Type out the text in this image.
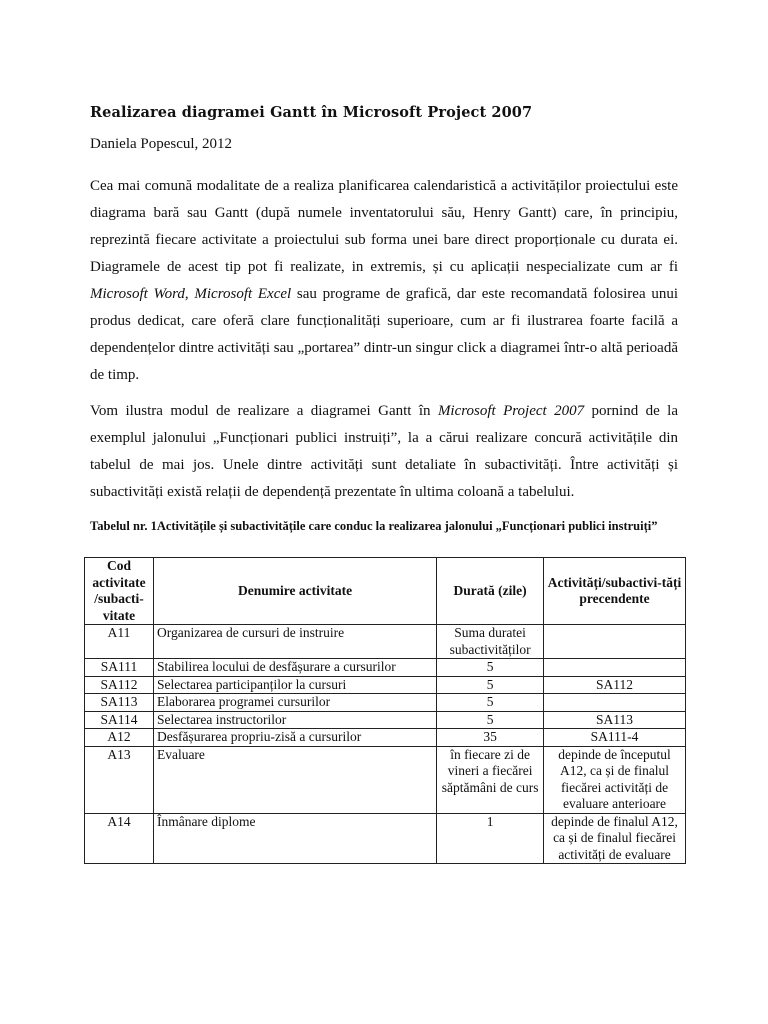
Realizarea diagramei Gantt în Microsoft Project 2007
Daniela Popescul, 2012
Cea mai comună modalitate de a realiza planificarea calendaristică a activităților proiectului este diagrama bară sau Gantt (după numele inventatorului său, Henry Gantt) care, în principiu, reprezintă fiecare activitate a proiectului sub forma unei bare direct proporționale cu durata ei. Diagramele de acest tip pot fi realizate, in extremis, și cu aplicații nespecializate cum ar fi Microsoft Word, Microsoft Excel sau programe de grafică, dar este recomandată folosirea unui produs dedicat, care oferă clare funcționalități superioare, cum ar fi ilustrarea foarte facilă a dependențelor dintre activități sau „portarea” dintr-un singur click a diagramei într-o altă perioadă de timp.
Vom ilustra modul de realizare a diagramei Gantt în Microsoft Project 2007 pornind de la exemplul jalonului „Funcționari publici instruiți”, la a cărui realizare concură activitățile din tabelul de mai jos. Unele dintre activități sunt detaliate în subactivități. Între activități și subactivități există relații de dependență prezentate în ultima coloană a tabelului.
Tabelul nr. 1Activitățile și subactivitățile care conduc la realizarea jalonului „Funcționari publici instruiți”
Cod activitate /subacti-vitate	Denumire activitate	Durată (zile)	Activități/subactivi-tăți precendente
A11	Organizarea de cursuri de instruire	Suma duratei subactivităților	
SA111	Stabilirea locului de desfășurare a cursurilor	5	
SA112	Selectarea participanților la cursuri	5	SA112
SA113	Elaborarea programei cursurilor	5	
SA114	Selectarea instructorilor	5	SA113
A12	Desfășurarea propriu-zisă a cursurilor	35	SA111-4
A13	Evaluare	în fiecare zi de vineri a fiecărei săptămâni de curs	depinde de începutul A12, ca și de finalul fiecărei activități de evaluare anterioare
A14	Înmânare diplome	1	depinde de finalul A12, ca și de finalul fiecărei activități de evaluare
